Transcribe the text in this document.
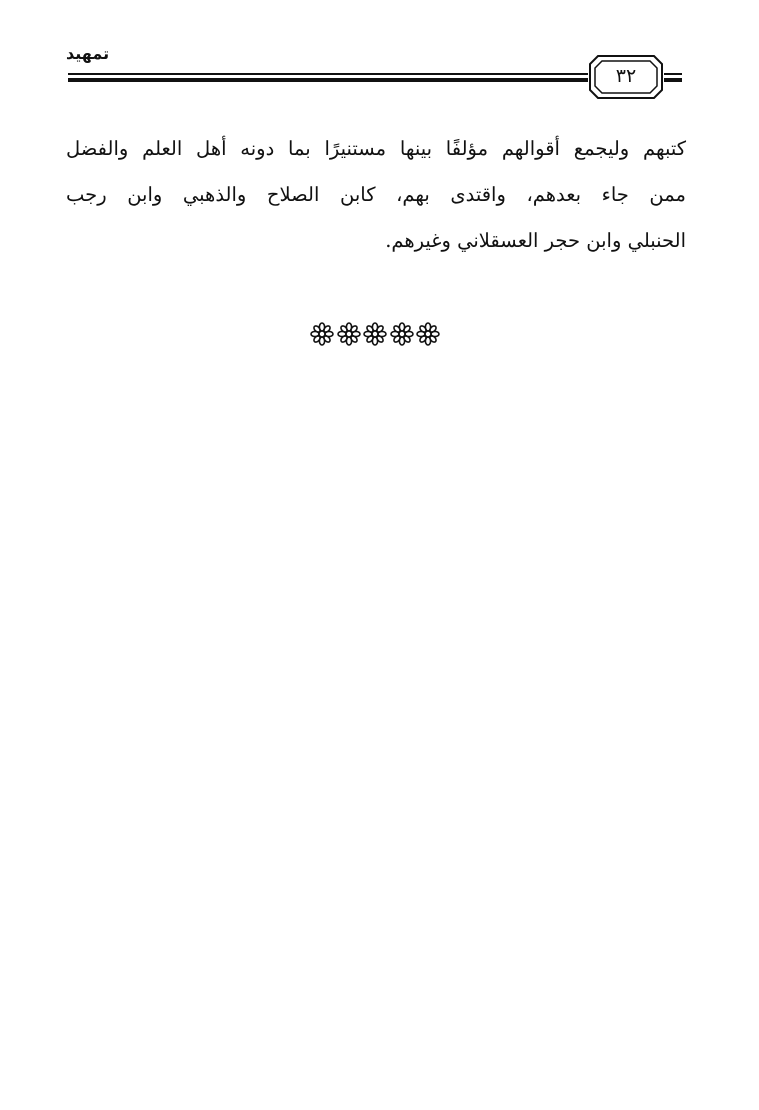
تمهيد
٣٢
كتبهم وليجمع أقوالهم مؤلفًا بينها مستنيرًا بما دونه أهل العلم والفضل
ممن جاء بعدهم، واقتدى بهم، كابن الصلاح والذهبي وابن رجب
الحنبلي وابن حجر العسقلاني وغيرهم.
